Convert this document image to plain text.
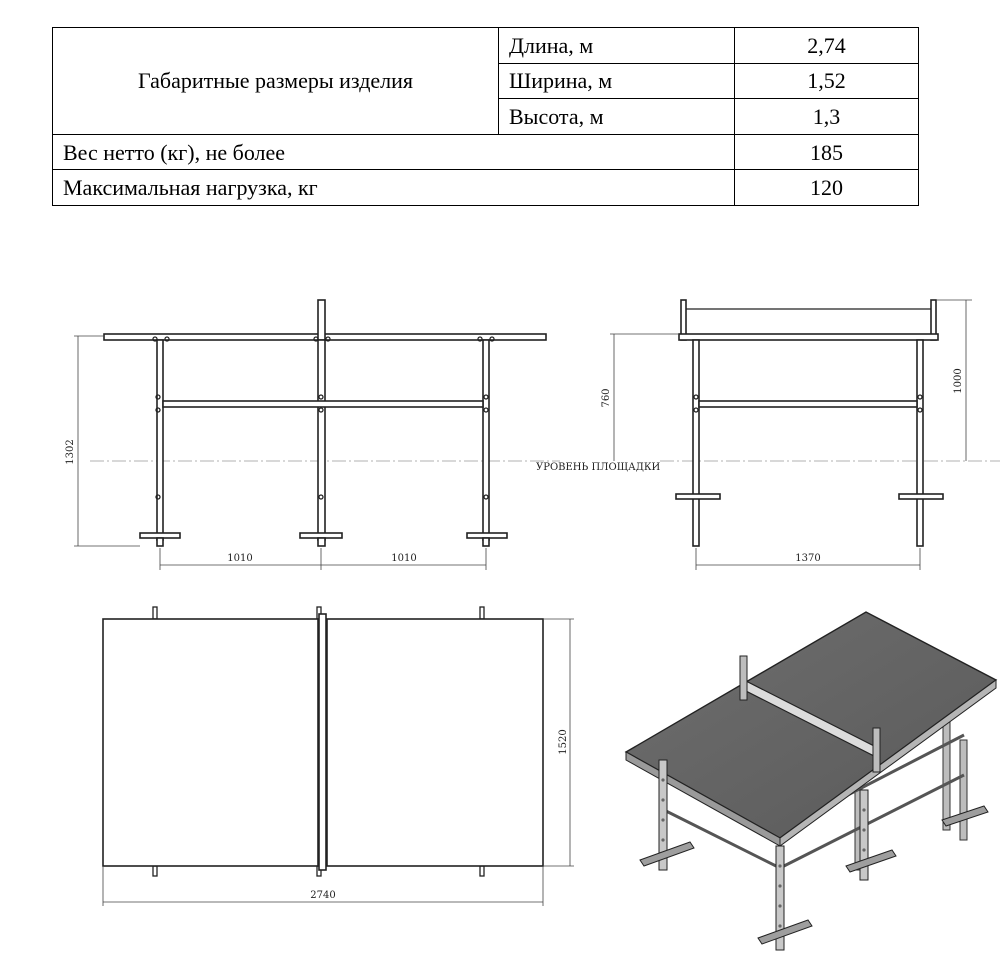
Габаритные размеры изделия	Длина, м	2,74
	Ширина, м	1,52
	Высота, м	1,3
Вес нетто (кг), не более		185
Максимальная нагрузка, кг		120
1302
1010	1010
УРОВЕНЬ ПЛОЩАДКИ
760
1000
1370
1520
2740
